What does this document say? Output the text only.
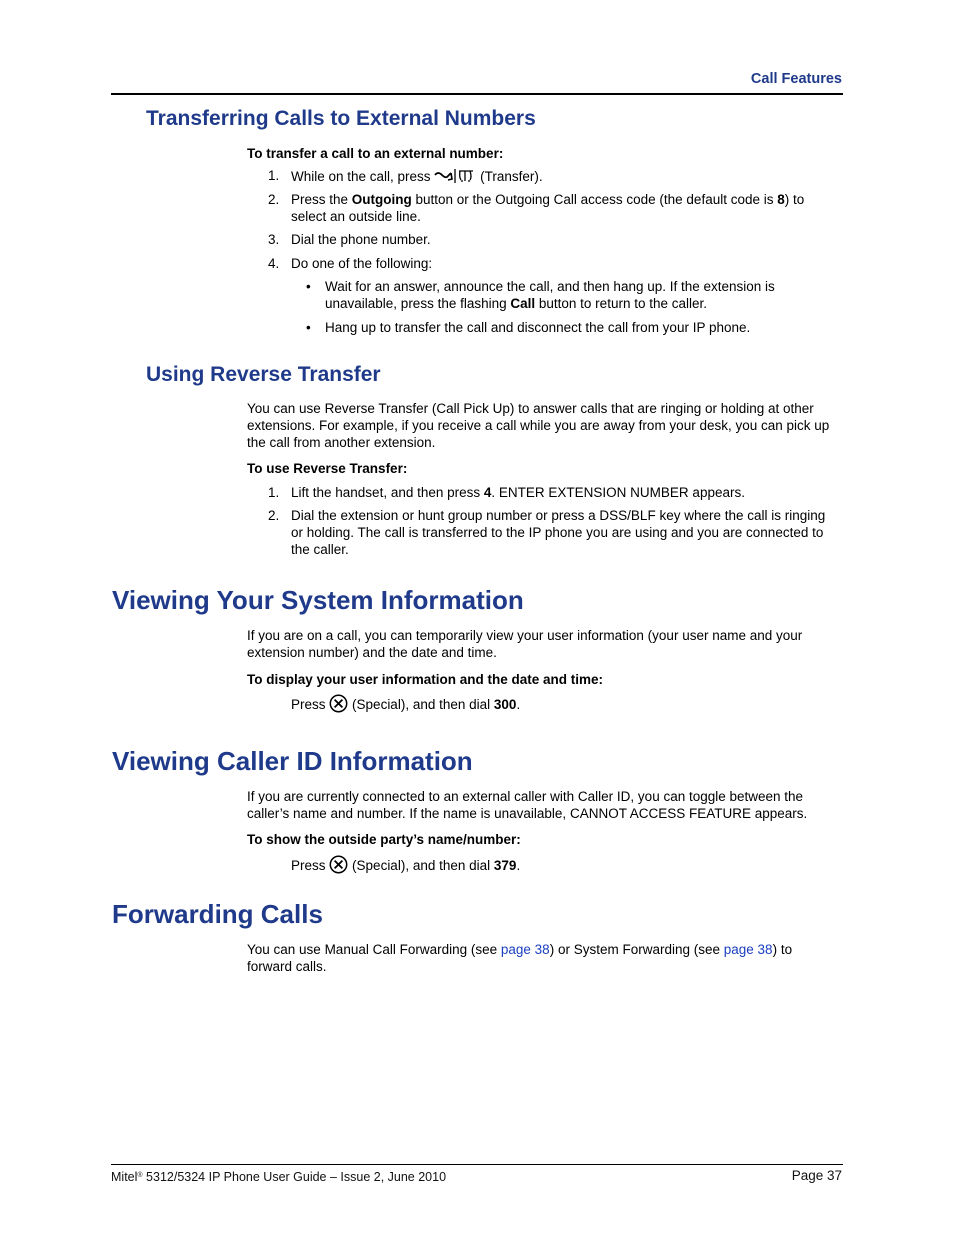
Call Features
Transferring Calls to External Numbers

To transfer a call to an external number:

1. While on the call, press	(Transfer).
2. Press the Outgoing button or the Outgoing Call access code (the default code is 8) to select an outside line.
3. Dial the phone number.
4. Do one of the following:
• Wait for an answer, announce the call, and then hang up. If the extension is unavailable, press the flashing Call button to return to the caller.
• Hang up to transfer the call and disconnect the call from your IP phone.
Using Reverse Transfer

You can use Reverse Transfer (Call Pick Up) to answer calls that are ringing or holding at other extensions. For example, if you receive a call while you are away from your desk, you can pick up the call from another extension.

To use Reverse Transfer:

1. Lift the handset, and then press 4. ENTER EXTENSION NUMBER appears.
2. Dial the extension or hunt group number or press a DSS/BLF key where the call is ringing or holding. The call is transferred to the IP phone you are using and you are connected to the caller.
Viewing Your System Information

If you are on a call, you can temporarily view your user information (your user name and your extension number) and the date and time.

To display your user information and the date and time:

Press (Special), and then dial 300.
Viewing Caller ID Information

If you are currently connected to an external caller with Caller ID, you can toggle between the caller’s name and number. If the name is unavailable, CANNOT ACCESS FEATURE appears.

To show the outside party’s name/number:

Press (Special), and then dial 379.
Forwarding Calls

You can use Manual Call Forwarding (see page 38) or System Forwarding (see page 38) to forward calls.

Mitel® 5312/5324 IP Phone User Guide – Issue 2, June 2010	Page 37
